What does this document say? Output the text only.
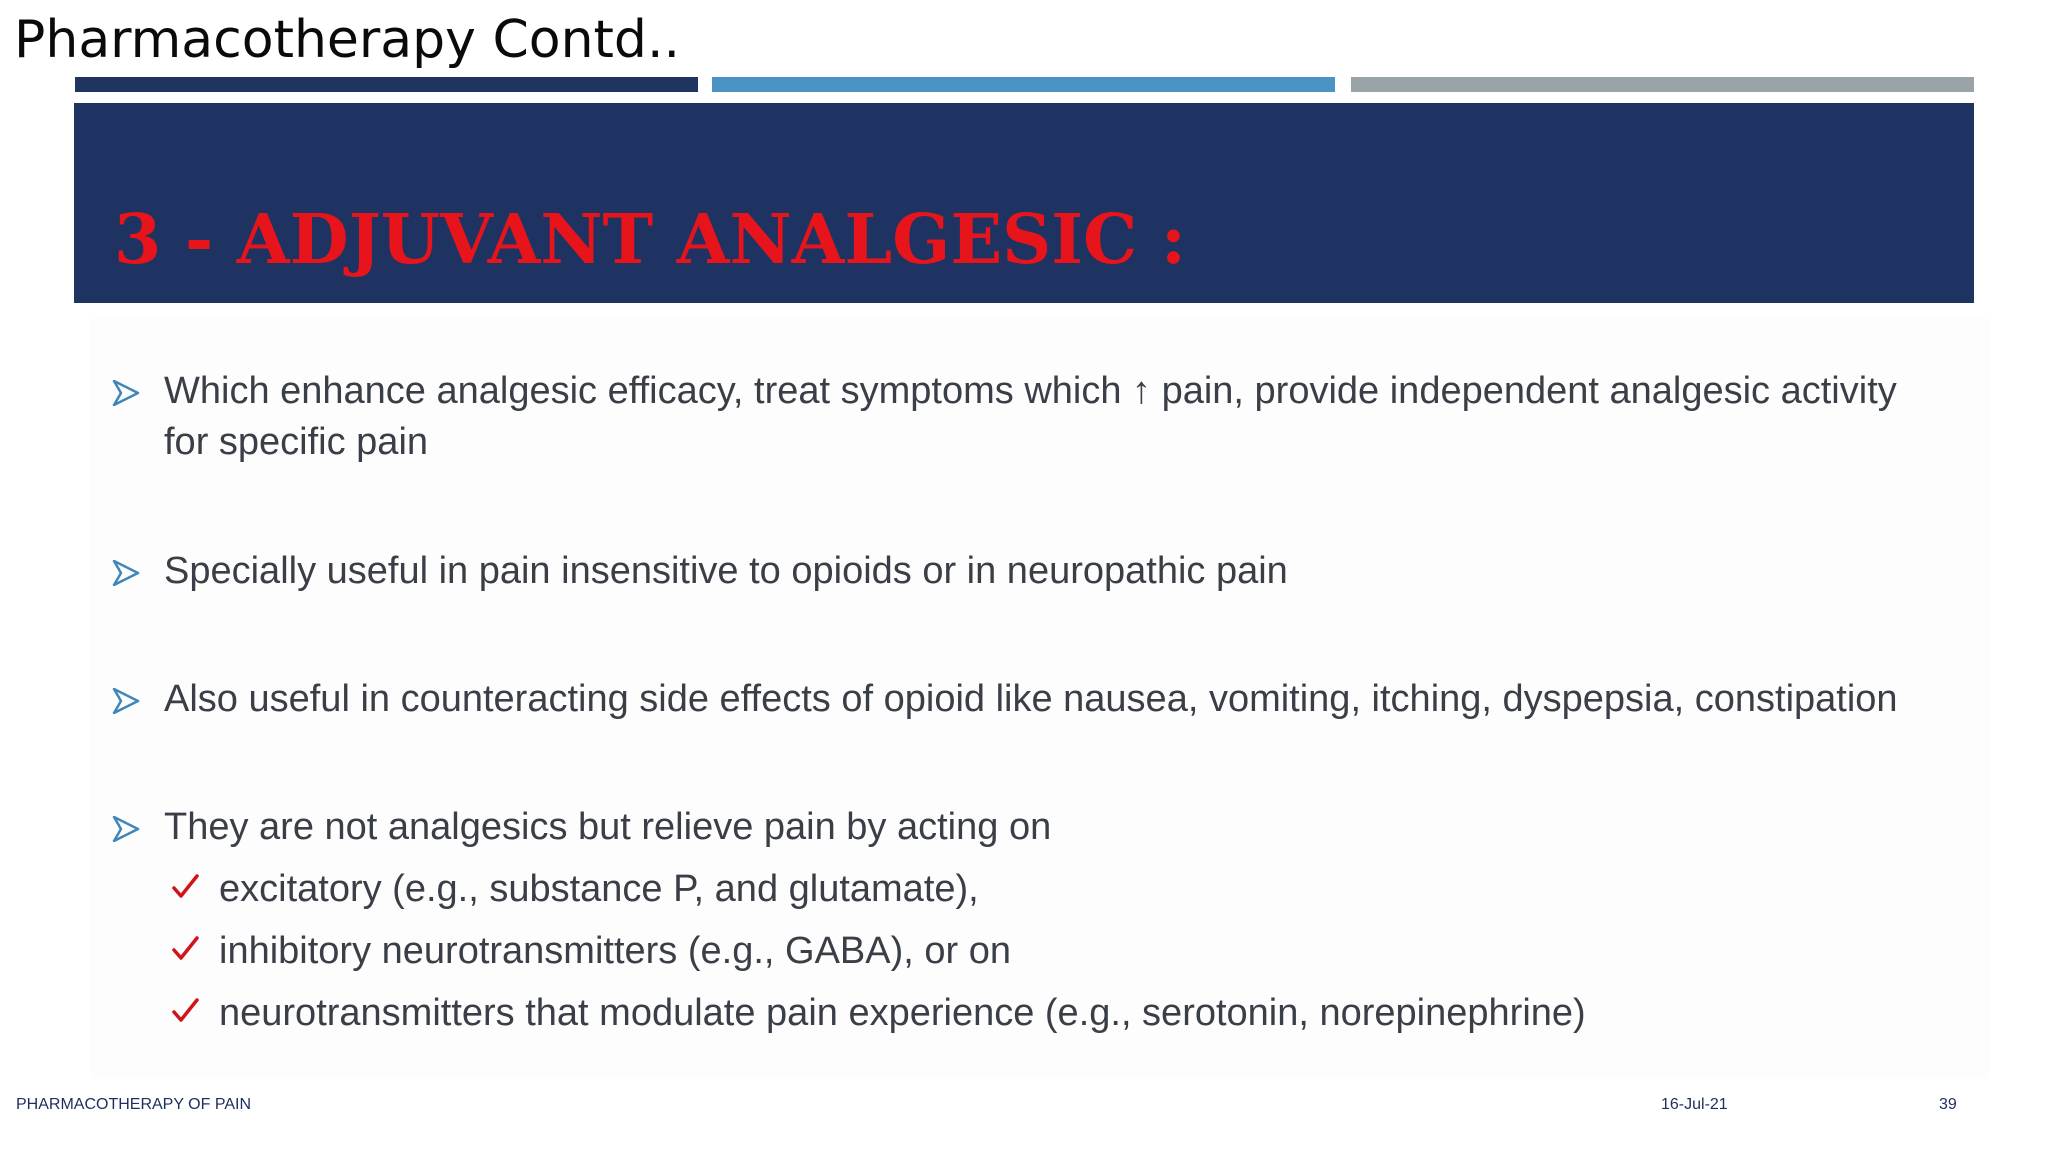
Pharmacotherapy Contd..
3 - ADJUVANT ANALGESIC :
Which enhance analgesic efficacy, treat symptoms which ↑ pain, provide independent analgesic activity
for specific pain
Specially useful in pain insensitive to opioids or in neuropathic pain
Also useful in counteracting side effects of opioid like nausea, vomiting, itching, dyspepsia, constipation
They are not analgesics but relieve pain by acting on
excitatory (e.g., substance P, and glutamate),
inhibitory neurotransmitters (e.g., GABA), or on
neurotransmitters that modulate pain experience (e.g., serotonin, norepinephrine)
PHARMACOTHERAPY OF PAIN	16-Jul-21	39
